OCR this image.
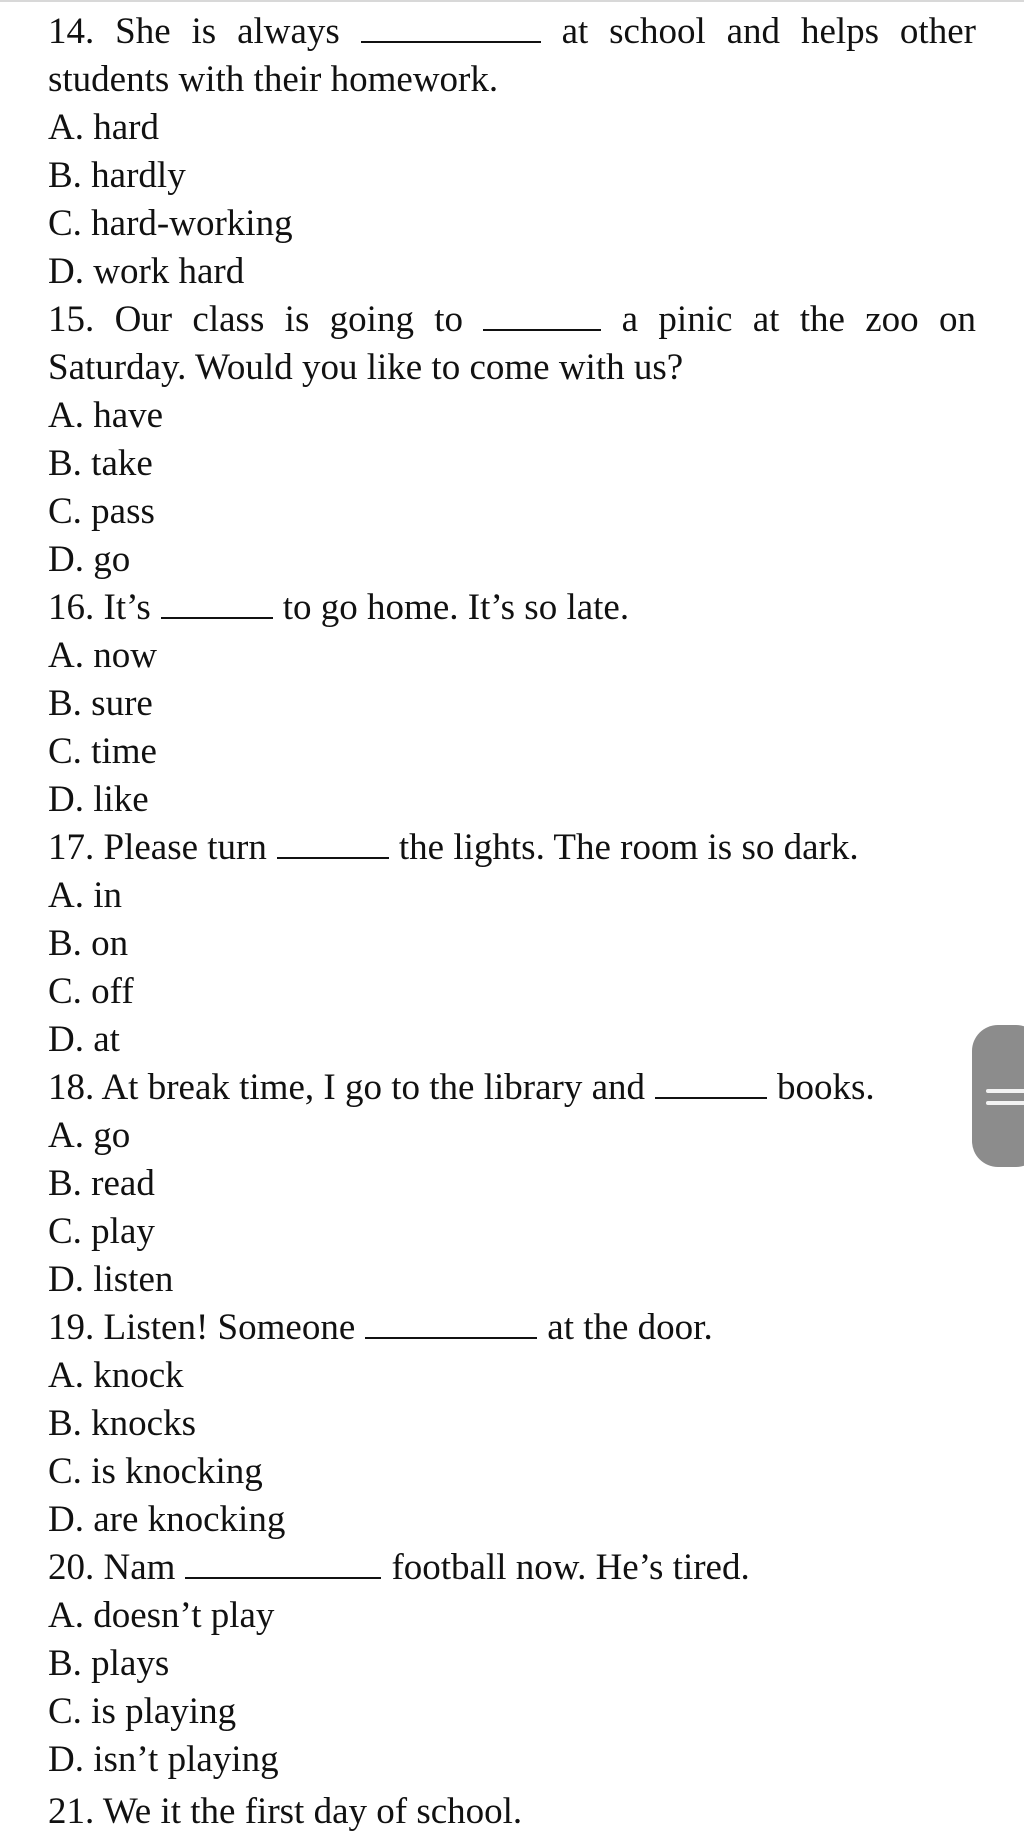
14. She is always	at school and helps other
students with their homework.
A. hard
B. hardly
C. hard-working
D. work hard
15. Our class is going to	a pinic at the zoo on
Saturday. Would you like to come with us?
A. have
B. take
C. pass
D. go
16. It’s	to go home. It’s so late.
A. now
B. sure
C. time
D. like
17. Please turn	the lights. The room is so dark.
A. in
B. on
C. off
D. at
18. At break time, I go to the library and	books.
A. go
B. read
C. play
D. listen
19. Listen! Someone	at the door.
A. knock
B. knocks
C. is knocking
D. are knocking
20. Nam	football now. He’s tired.
A. doesn’t play
B. plays
C. is playing
D. isn’t playing
21. We it the first day of school.
